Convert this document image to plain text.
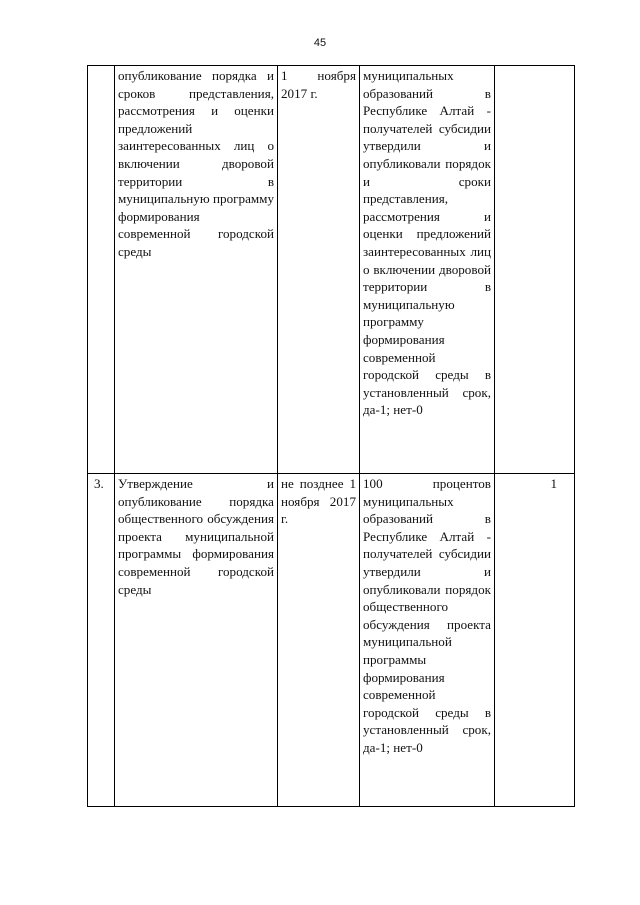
45
	опубликование порядка и сроков представления, рассмотрения и оценки предложений заинтересованных лиц о включении дворовой территории в муниципальную программу формирования современной городской среды	1 ноября 2017 г.	муниципальных образований в Республике Алтай - получателей субсидии утвердили и опубликовали порядок и сроки представления, рассмотрения и оценки предложений заинтересованных лиц о включении дворовой территории в муниципальную программу формирования современной городской среды в установленный срок, да-1; нет-0	
3.	Утверждение и опубликование порядка общественного обсуждения проекта муниципальной программы формирования современной городской среды	не позднее 1 ноября 2017 г.	100 процентов муниципальных образований в Республике Алтай - получателей субсидии утвердили и опубликовали порядок общественного обсуждения проекта муниципальной программы формирования современной городской среды в установленный срок, да-1; нет-0	1
